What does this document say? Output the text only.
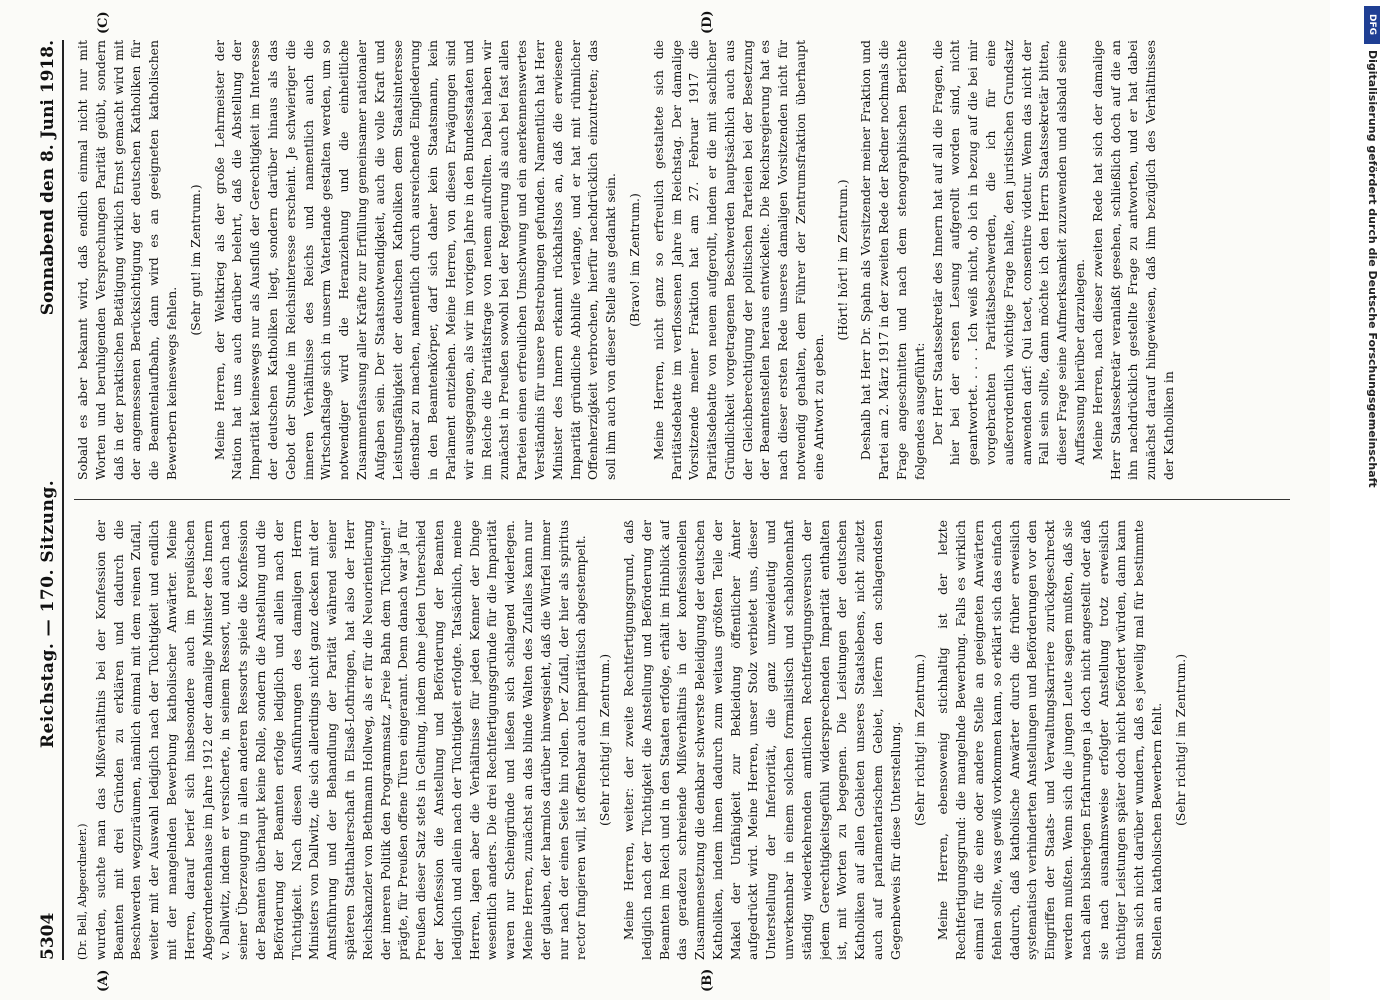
5304
Reichstag. — 170. Sitzung.
Sonnabend den 8. Juni 1918.
(A)	(B)
(C)	(D)

(Dr. Bell, Abgeordneter.) wurden, suchte man das Mißverhältnis bei der Konfession der Beamten mit drei Gründen zu erklären und dadurch die Beschwerden wegzuräumen, nämlich einmal mit dem reinen Zufall, weiter mit der Auswahl lediglich nach der Tüchtigkeit und endlich mit der mangelnden Bewerbung katholischer Anwärter. Meine Herren, darauf berief sich insbesondere auch im preußischen Abgeordnetenhause im Jahre 1912 der damalige Minister des Innern v. Dallwitz, indem er versicherte, in seinem Ressort, und auch nach seiner Überzeugung in allen anderen Ressorts spiele die Konfession der Beamten überhaupt keine Rolle, sondern die Anstellung und die Beförderung der Beamten erfolge lediglich und allein nach der Tüchtigkeit. Nach diesen Ausführungen des damaligen Herrn Ministers von Dallwitz, die sich allerdings nicht ganz decken mit der Amtsführung und der Behandlung der Parität während seiner späteren Statthalterschaft in Elsaß-Lothringen, hat also der Herr Reichskanzler von Bethmann Hollweg, als er für die Neuorientierung der inneren Politik den Programmsatz „Freie Bahn dem Tüchtigen!“ prägte, für Preußen offene Türen eingerannt. Denn danach war ja für Preußen dieser Satz stets in Geltung, indem ohne jeden Unterschied der Konfession die Anstellung und Beförderung der Beamten lediglich und allein nach der Tüchtigkeit erfolgte. Tatsächlich, meine Herren, lagen aber die Verhältnisse für jeden Kenner der Dinge wesentlich anders. Die drei Rechtfertigungsgründe für die Imparität waren nur Scheingründe und ließen sich schlagend widerlegen. Meine Herren, zunächst an das blinde Walten des Zufalles kann nur der glauben, der harmlos darüber hinwegsieht, daß die Würfel immer nur nach der einen Seite hin rollen. Der Zufall, der hier als spiritus rector fungieren will, ist offenbar auch imparitätisch abgestempelt. (Sehr richtig! im Zentrum.) Meine Herren, weiter: der zweite Rechtfertigungsgrund, daß lediglich nach der Tüchtigkeit die Anstellung und Beförderung der Beamten im Reich und in den Staaten erfolge, erhält im Hinblick auf das geradezu schreiende Mißverhältnis in der konfessionellen Zusammensetzung die denkbar schwerste Beleidigung der deutschen Katholiken, indem ihnen dadurch zum weitaus größten Teile der Makel der Unfähigkeit zur Bekleidung öffentlicher Ämter aufgedrückt wird. Meine Herren, unser Stolz verbietet uns, dieser Unterstellung der Inferiorität, die ganz unzweideutig und unverkennbar in einem solchen formalistisch und schablonenhaft ständig wiederkehrenden amtlichen Rechtfertigungsversuch der jedem Gerechtigkeitsgefühl widersprechenden Imparität enthalten ist, mit Worten zu begegnen. Die Leistungen der deutschen Katholiken auf allen Gebieten unseres Staatslebens, nicht zuletzt auch auf parlamentarischem Gebiet, liefern den schlagendsten Gegenbeweis für diese Unterstellung. (Sehr richtig! im Zentrum.) Meine Herren, ebensowenig stichhaltig ist der letzte Rechtfertigungsgrund: die mangelnde Bewerbung. Falls es wirklich einmal für die eine oder andere Stelle an geeigneten Anwärtern fehlen sollte, was gewiß vorkommen kann, so erklärt sich das einfach dadurch, daß katholische Anwärter durch die früher erweislich systematisch verhinderten Anstellungen und Beförderungen vor den Eingriffen der Staats- und Verwaltungskarriere zurückgeschreckt werden mußten. Wenn sich die jungen Leute sagen mußten, daß sie nach allen bisherigen Erfahrungen ja doch nicht angestellt oder daß sie nach ausnahmsweise erfolgter Anstellung trotz erweislich tüchtiger Leistungen später doch nicht befördert würden, dann kann man sich nicht darüber wundern, daß es jeweilig mal für bestimmte Stellen an katholischen Bewerbern fehlt. (Sehr richtig! im Zentrum.)

Sobald es aber bekannt wird, daß endlich einmal nicht nur mit Worten und beruhigenden Versprechungen Parität geübt, sondern daß in der praktischen Betätigung wirklich Ernst gemacht wird mit der angemessenen Berücksichtigung der deutschen Katholiken für die Beamtenlaufbahn, dann wird es an geeigneten katholischen Bewerbern keineswegs fehlen.

(Sehr gut! im Zentrum.) Meine Herren, der Weltkrieg als der große Lehrmeister der Nation hat uns auch darüber belehrt, daß die Abstellung der Imparität keineswegs nur als Ausfluß der Gerechtigkeit im Interesse der deutschen Katholiken liegt, sondern darüber hinaus als das Gebot der Stunde im Reichsinteresse erscheint. Je schwieriger die inneren Verhältnisse des Reichs und namentlich auch die Wirtschaftslage sich in unserm Vaterlande gestalten werden, um so notwendiger wird die Heranziehung und die einheitliche Zusammenfassung aller Kräfte zur Erfüllung gemeinsamer nationaler Aufgaben sein. Der Staatsnotwendigkeit, auch die volle Kraft und Leistungsfähigkeit der deutschen Katholiken dem Staatsinteresse dienstbar zu machen, namentlich durch ausreichende Eingliederung in den Beamtenkörper, darf sich daher kein Staatsmann, kein Parlament entziehen. Meine Herren, von diesen Erwägungen sind wir ausgegangen, als wir im vorigen Jahre in den Bundesstaaten und im Reiche die Paritätsfrage von neuem aufrollten. Dabei haben wir zunächst in Preußen sowohl bei der Regierung als auch bei fast allen Parteien einen erfreulichen Umschwung und ein anerkennenswertes Verständnis für unsere Bestrebungen gefunden. Namentlich hat Herr Minister des Innern erkannt rückhaltslos an, daß die erwiesene Imparität gründliche Abhilfe verlange, und er hat mit rühmlicher Offenherzigkeit verbrochen, hierfür nachdrücklich einzutreten; das soll ihm auch von dieser Stelle aus gedankt sein. (Bravo! im Zentrum.) Meine Herren, nicht ganz so erfreulich gestaltete sich die Paritätsdebatte im verflossenen Jahre im Reichstag. Der damalige Vorsitzende meiner Fraktion hat am 27. Februar 1917 die Paritätsdebatte von neuem aufgerollt, indem er die mit sachlicher Gründlichkeit vorgetragenen Beschwerden hauptsächlich auch aus der Gleichberechtigung der politischen Parteien bei der Besetzung der Beamtenstellen heraus entwickelte. Die Reichsregierung hat es nach dieser ersten Rede unseres damaligen Vorsitzenden nicht für notwendig gehalten, dem Führer der Zentrumsfraktion überhaupt eine Antwort zu geben.

(Hört! hört! im Zentrum.) Deshalb hat Herr Dr. Spahn als Vorsitzender meiner Fraktion und Partei am 2. März 1917 in der zweiten Rede der Redner nochmals die Frage angeschnitten und nach dem stenographischen Berichte folgendes ausgeführt: Der Herr Staatssekretär des Innern hat auf all die Fragen, die hier bei der ersten Lesung aufgerollt worden sind, nicht geantwortet. . . . . Ich weiß nicht, ob ich in bezug auf die bei mir vorgebrachten Paritätsbeschwerden, die ich für eine außerordentlich wichtige Frage halte, den juristischen Grundsatz anwenden darf: Qui tacet, consentire videtur. Wenn das nicht der Fall sein sollte, dann möchte ich den Herrn Staatssekretär bitten, dieser Frage seine Aufmerksamkeit zuzuwenden und alsbald seine Auffassung hierüber darzulegen. Meine Herren, nach dieser zweiten Rede hat sich der damalige Herr Staatssekretär veranlaßt gesehen, schließlich doch auf die an ihn nachdrücklich gestellte Frage zu antworten, und er hat dabei zunächst darauf hingewiesen, daß ihm bezüglich des Verhältnisses der Katholiken in	Digitalisierung gefördert durch die Deutsche Forschungsgemeinschaft
DFG
